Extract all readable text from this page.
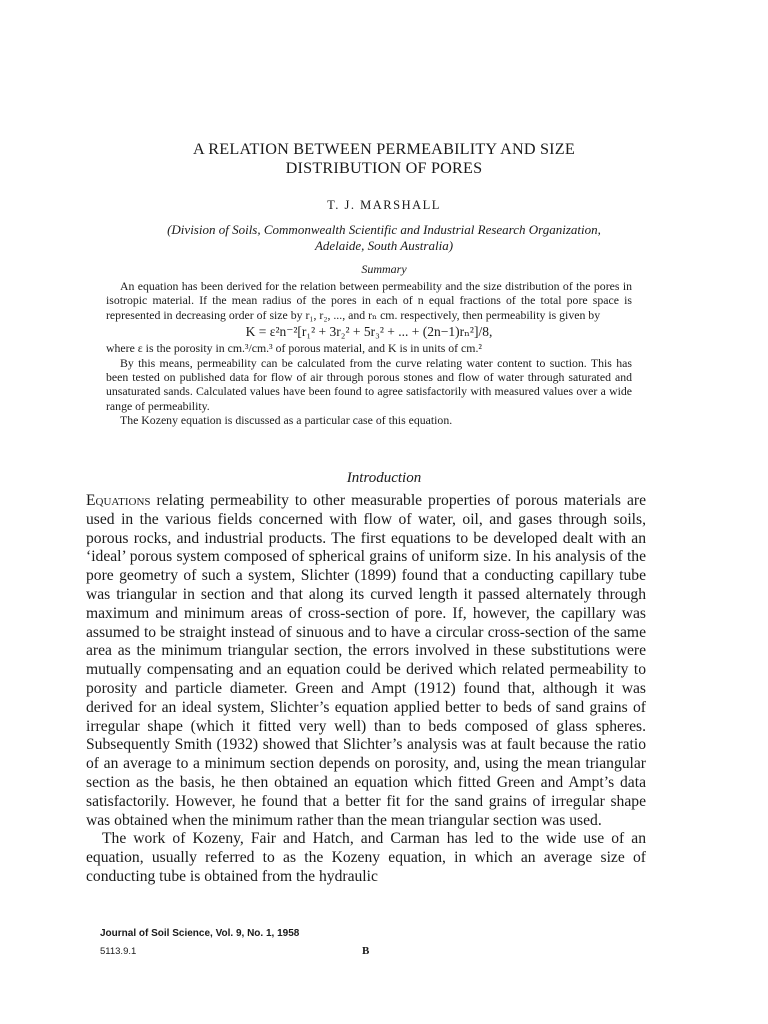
A RELATION BETWEEN PERMEABILITY AND SIZE
DISTRIBUTION OF PORES
T. J. MARSHALL
(Division of Soils, Commonwealth Scientific and Industrial Research Organization,
Adelaide, South Australia)
Summary

An equation has been derived for the relation between permeability and the size distribution of the pores in isotropic material. If the mean radius of the pores in each of n equal fractions of the total pore space is represented in decreasing order of size by r₁, r₂, ..., and rₙ cm. respectively, then permeability is given by

K = ε²n⁻²[r₁² + 3r₂² + 5r₃² + ... + (2n−1)rₙ²]/8,

where ε is the porosity in cm.³/cm.³ of porous material, and K is in units of cm.²

By this means, permeability can be calculated from the curve relating water content to suction. This has been tested on published data for flow of air through porous stones and flow of water through saturated and unsaturated sands. Calculated values have been found to agree satisfactorily with measured values over a wide range of permeability.

The Kozeny equation is discussed as a particular case of this equation.

Introduction

Equations relating permeability to other measurable properties of porous materials are used in the various fields concerned with flow of water, oil, and gases through soils, porous rocks, and industrial products. The first equations to be developed dealt with an ‘ideal’ porous system composed of spherical grains of uniform size. In his analysis of the pore geometry of such a system, Slichter (1899) found that a conducting capillary tube was triangular in section and that along its curved length it passed alternately through maximum and minimum areas of cross-section of pore. If, however, the capillary was assumed to be straight instead of sinuous and to have a circular cross-section of the same area as the minimum triangular section, the errors involved in these substitutions were mutually compensating and an equation could be derived which related permeability to porosity and particle diameter. Green and Ampt (1912) found that, although it was derived for an ideal system, Slichter’s equation applied better to beds of sand grains of irregular shape (which it fitted very well) than to beds composed of glass spheres. Subsequently Smith (1932) showed that Slichter’s analysis was at fault because the ratio of an average to a minimum section depends on porosity, and, using the mean triangular section as the basis, he then obtained an equation which fitted Green and Ampt’s data satisfactorily. However, he found that a better fit for the sand grains of irregular shape was obtained when the minimum rather than the mean triangular section was used.

The work of Kozeny, Fair and Hatch, and Carman has led to the wide use of an equation, usually referred to as the Kozeny equation, in which an average size of conducting tube is obtained from the hydraulic

Journal of Soil Science, Vol. 9, No. 1, 1958
5113.9.1	B
